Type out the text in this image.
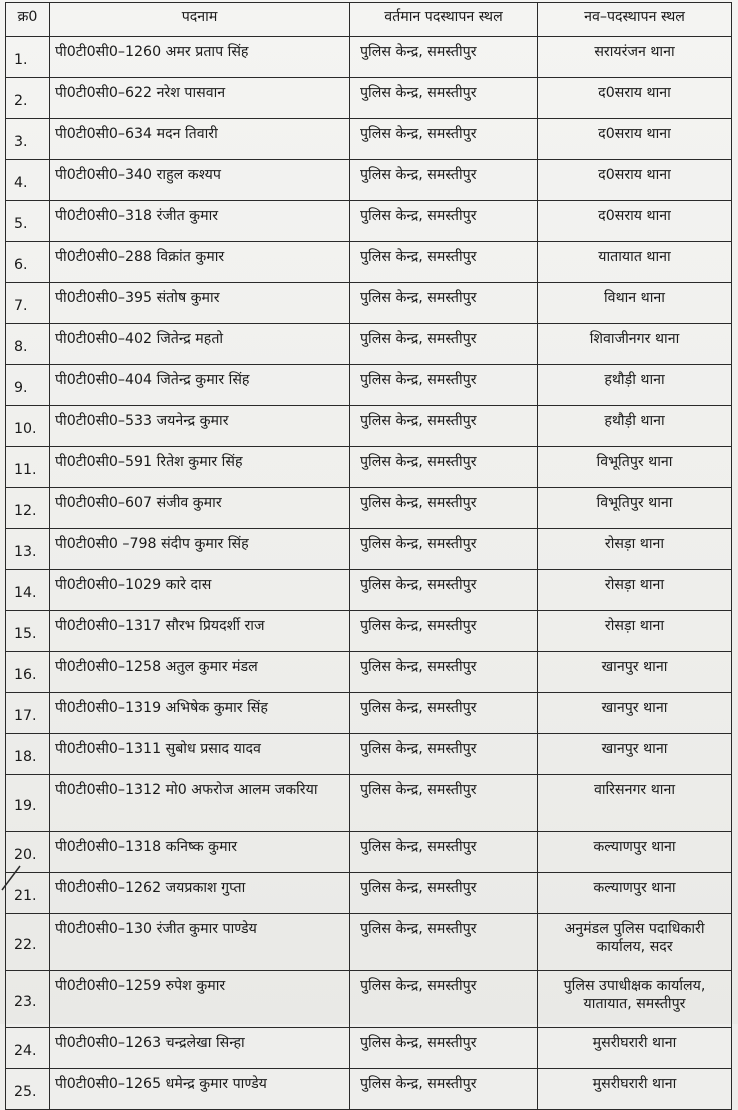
क्र0	पदनाम	वर्तमान पदस्थापन स्थल	नव–पदस्थापन स्थल
1.	पी0टी0सी0–1260 अमर प्रताप सिंह	पुलिस केन्द्र, समस्तीपुर	सरायरंजन थाना
2.	पी0टी0सी0–622 नरेश पासवान	पुलिस केन्द्र, समस्तीपुर	द0सराय थाना
3.	पी0टी0सी0–634 मदन तिवारी	पुलिस केन्द्र, समस्तीपुर	द0सराय थाना
4.	पी0टी0सी0–340 राहुल कश्यप	पुलिस केन्द्र, समस्तीपुर	द0सराय थाना
5.	पी0टी0सी0–318 रंजीत कुमार	पुलिस केन्द्र, समस्तीपुर	द0सराय थाना
6.	पी0टी0सी0–288 विक्रांत कुमार	पुलिस केन्द्र, समस्तीपुर	यातायात थाना
7.	पी0टी0सी0–395 संतोष कुमार	पुलिस केन्द्र, समस्तीपुर	विथान थाना
8.	पी0टी0सी0–402 जितेन्द्र महतो	पुलिस केन्द्र, समस्तीपुर	शिवाजीनगर थाना
9.	पी0टी0सी0–404 जितेन्द्र कुमार सिंह	पुलिस केन्द्र, समस्तीपुर	हथौड़ी थाना
10.	पी0टी0सी0–533 जयनेन्द्र कुमार	पुलिस केन्द्र, समस्तीपुर	हथौड़ी थाना
11.	पी0टी0सी0–591 रितेश कुमार सिंह	पुलिस केन्द्र, समस्तीपुर	विभूतिपुर थाना
12.	पी0टी0सी0–607 संजीव कुमार	पुलिस केन्द्र, समस्तीपुर	विभूतिपुर थाना
13.	पी0टी0सी0 –798 संदीप कुमार सिंह	पुलिस केन्द्र, समस्तीपुर	रोसड़ा थाना
14.	पी0टी0सी0–1029 कारे दास	पुलिस केन्द्र, समस्तीपुर	रोसड़ा थाना
15.	पी0टी0सी0–1317 सौरभ प्रियदर्शी राज	पुलिस केन्द्र, समस्तीपुर	रोसड़ा थाना
16.	पी0टी0सी0–1258 अतुल कुमार मंडल	पुलिस केन्द्र, समस्तीपुर	खानपुर थाना
17.	पी0टी0सी0–1319 अभिषेक कुमार सिंह	पुलिस केन्द्र, समस्तीपुर	खानपुर थाना
18.	पी0टी0सी0–1311 सुबोध प्रसाद यादव	पुलिस केन्द्र, समस्तीपुर	खानपुर थाना
19.	पी0टी0सी0–1312 मो0 अफरोज आलम जकरिया	पुलिस केन्द्र, समस्तीपुर	वारिसनगर थाना
20.	पी0टी0सी0–1318 कनिष्क कुमार	पुलिस केन्द्र, समस्तीपुर	कल्याणपुर थाना
21.	पी0टी0सी0–1262 जयप्रकाश गुप्ता	पुलिस केन्द्र, समस्तीपुर	कल्याणपुर थाना
22.	पी0टी0सी0–130 रंजीत कुमार पाण्डेय	पुलिस केन्द्र, समस्तीपुर	अनुमंडल पुलिस पदाधिकारी कार्यालय, सदर
23.	पी0टी0सी0–1259 रुपेश कुमार	पुलिस केन्द्र, समस्तीपुर	पुलिस उपाधीक्षक कार्यालय, यातायात, समस्तीपुर
24.	पी0टी0सी0–1263 चन्द्रलेखा सिन्हा	पुलिस केन्द्र, समस्तीपुर	मुसरीघरारी थाना
25.	पी0टी0सी0–1265 धमेन्द्र कुमार पाण्डेय	पुलिस केन्द्र, समस्तीपुर	मुसरीघरारी थाना
